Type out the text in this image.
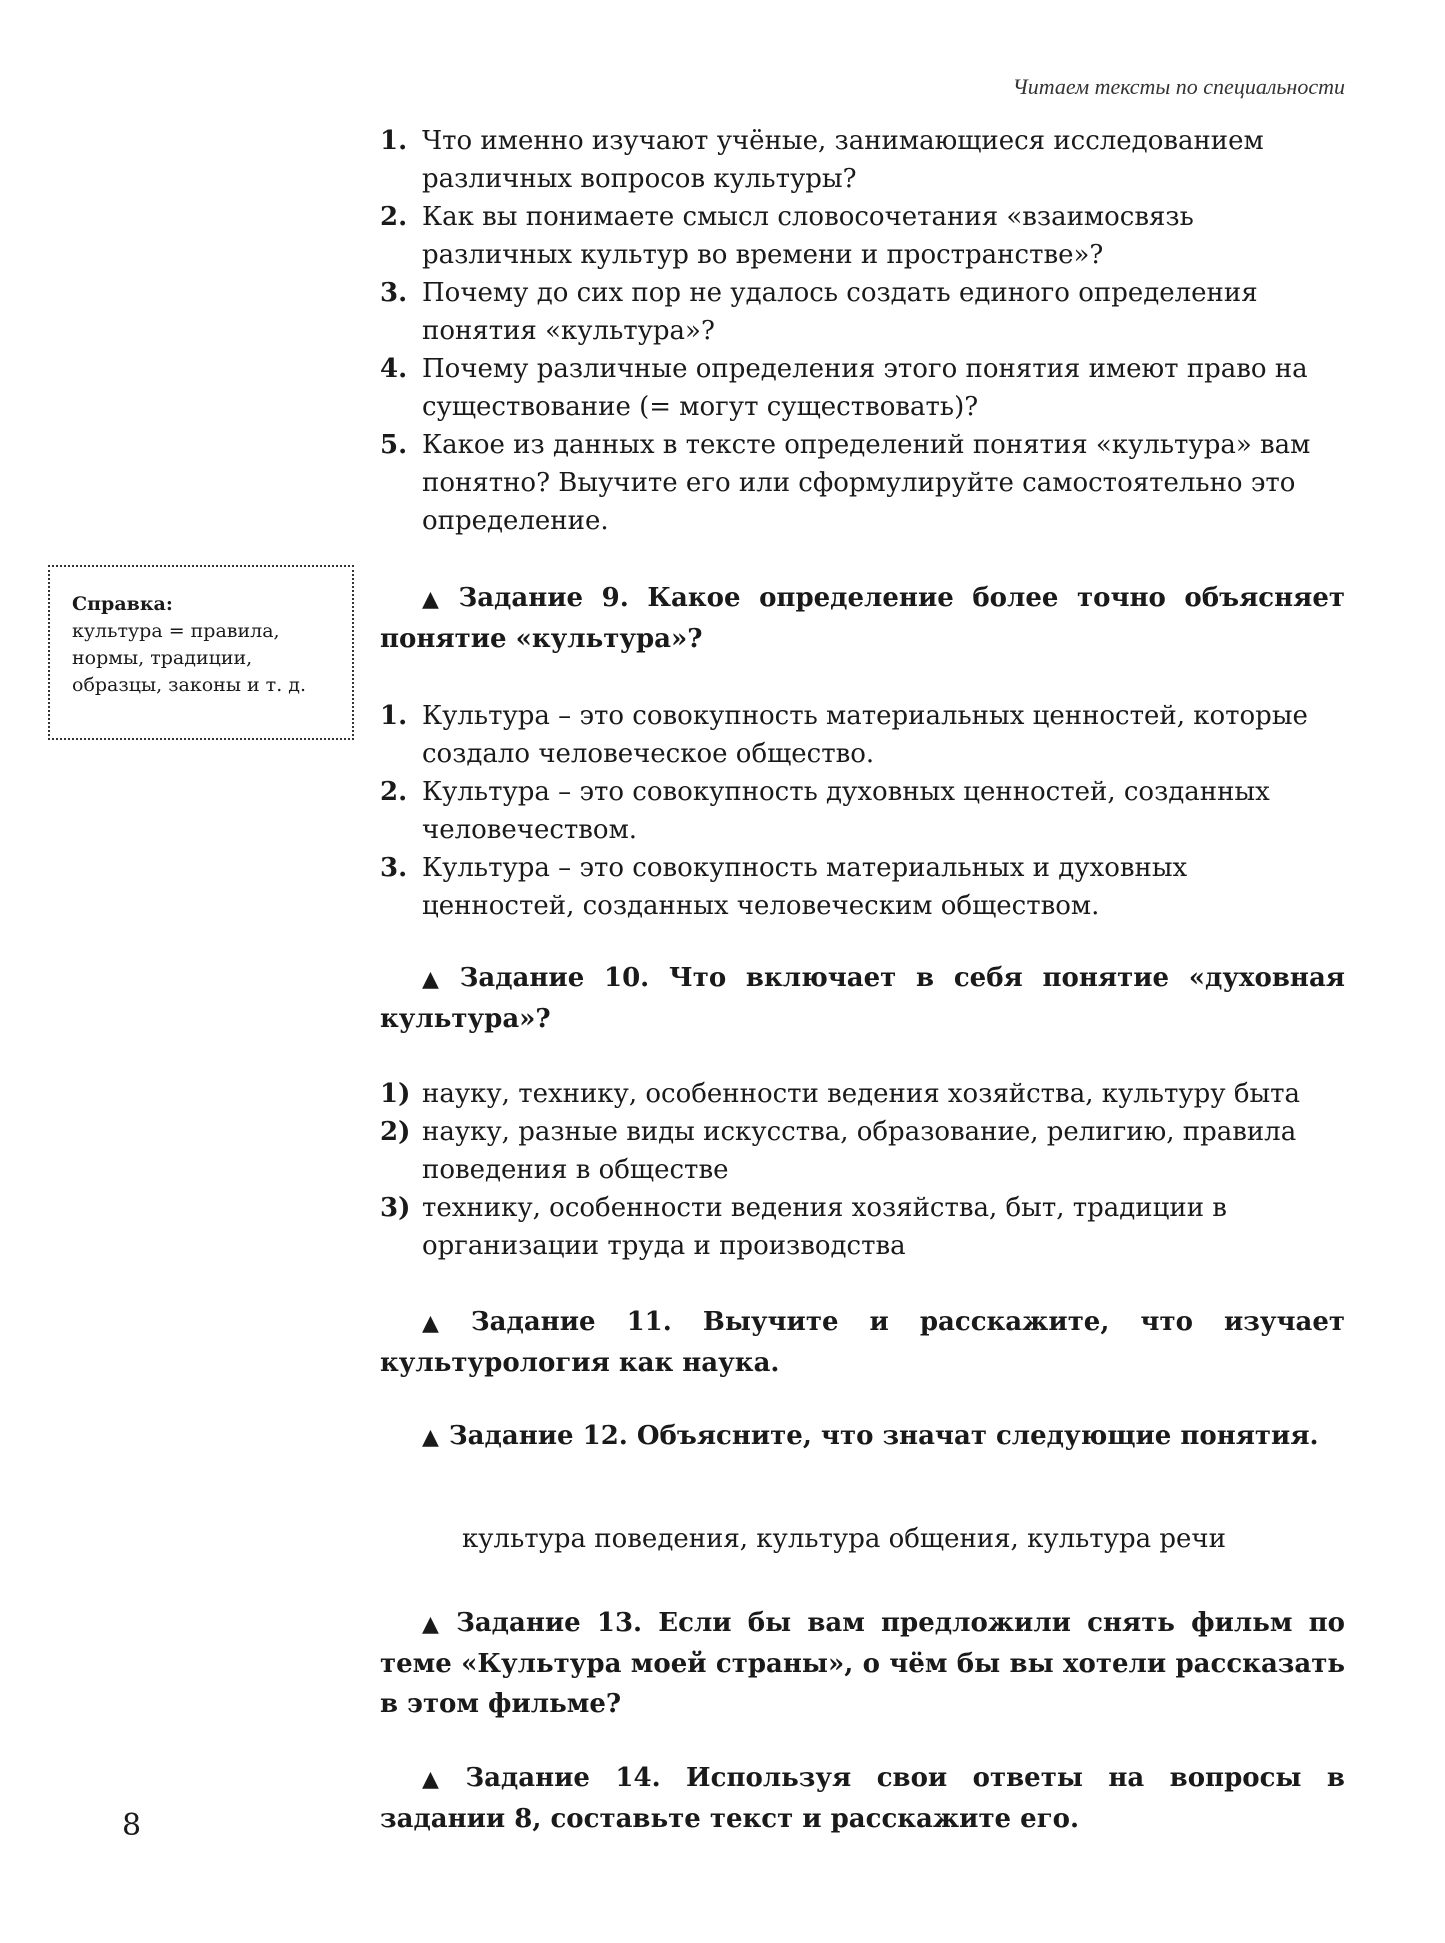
Читаем тексты по специальности
1. Что именно изучают учёные, занимающиеся исследованием различных вопросов культуры?
2. Как вы понимаете смысл словосочетания «взаимосвязь различных культур во времени и пространстве»?
3. Почему до сих пор не удалось создать единого определения понятия «культура»?
4. Почему различные определения этого понятия имеют право на существование (= могут существовать)?
5. Какое из данных в тексте определений понятия «культура» вам понятно? Выучите его или сформулируйте самостоятельно это определение.
Справка:
культура = правила, нормы, традиции, образцы, законы и т. д.
▲ Задание 9. Какое определение более точно объясняет понятие «культура»?
1. Культура – это совокупность материальных ценностей, которые создало человеческое общество.
2. Культура – это совокупность духовных ценностей, созданных человечеством.
3. Культура – это совокупность материальных и духовных ценностей, созданных человеческим обществом.
▲ Задание 10. Что включает в себя понятие «духовная культура»?
1) науку, технику, особенности ведения хозяйства, культуру быта
2) науку, разные виды искусства, образование, религию, правила поведения в обществе
3) технику, особенности ведения хозяйства, быт, традиции в организации труда и производства
▲ Задание 11. Выучите и расскажите, что изучает культурология как наука.
▲ Задание 12. Объясните, что значат следующие понятия.
культура поведения, культура общения, культура речи
▲ Задание 13. Если бы вам предложили снять фильм по теме «Культура моей страны», о чём бы вы хотели рассказать в этом фильме?
▲ Задание 14. Используя свои ответы на вопросы в задании 8, составьте текст и расскажите его.
8
